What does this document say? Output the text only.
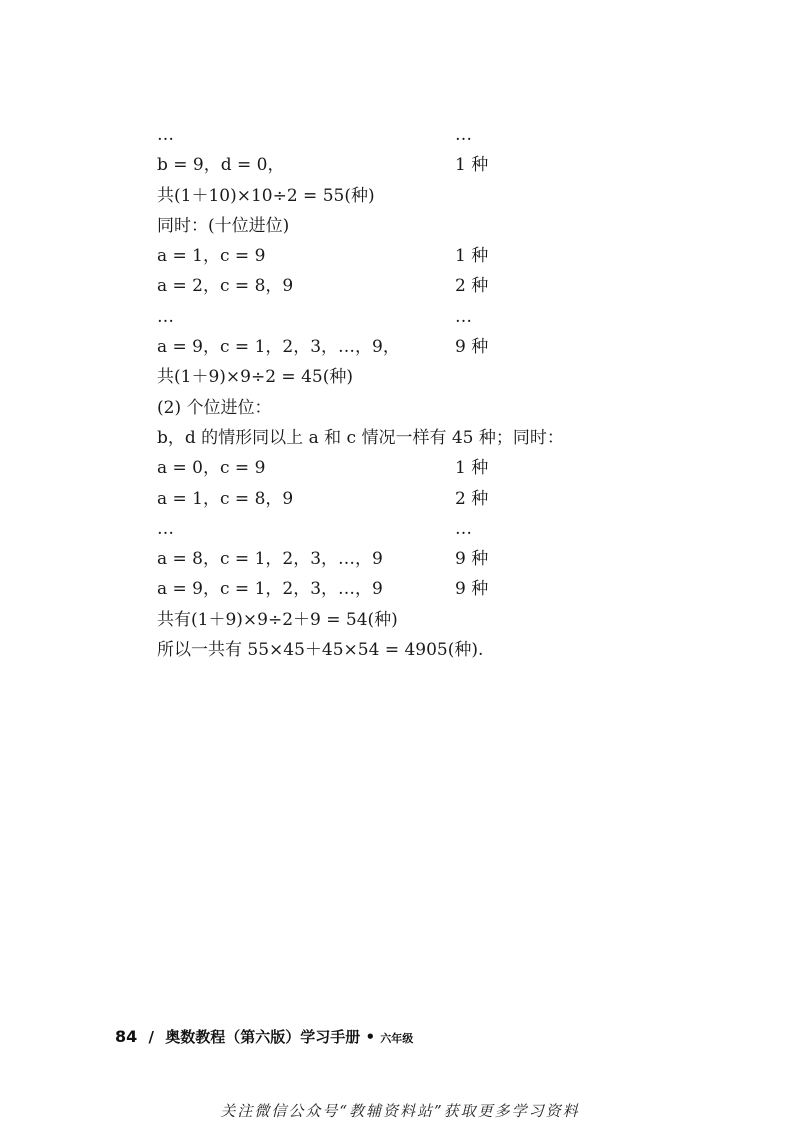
…	…
b = 9，d = 0，	1 种
共(1＋10)×10÷2 = 55(种)
同时：(十位进位)
a = 1，c = 9	1 种
a = 2，c = 8，9	2 种
…	…
a = 9，c = 1，2，3，…，9，	9 种
共(1＋9)×9÷2 = 45(种)
(2) 个位进位：
b，d 的情形同以上 a 和 c 情况一样有 45 种；同时：
a = 0，c = 9	1 种
a = 1，c = 8，9	2 种
…	…
a = 8，c = 1，2，3，…，9	9 种
a = 9，c = 1，2，3，…，9	9 种
共有(1＋9)×9÷2＋9 = 54(种)
所以一共有 55×45＋45×54 = 4905(种).
84 / 奥数教程（第六版）学习手册 • 六年级
关注微信公众号“教辅资料站”获取更多学习资料
